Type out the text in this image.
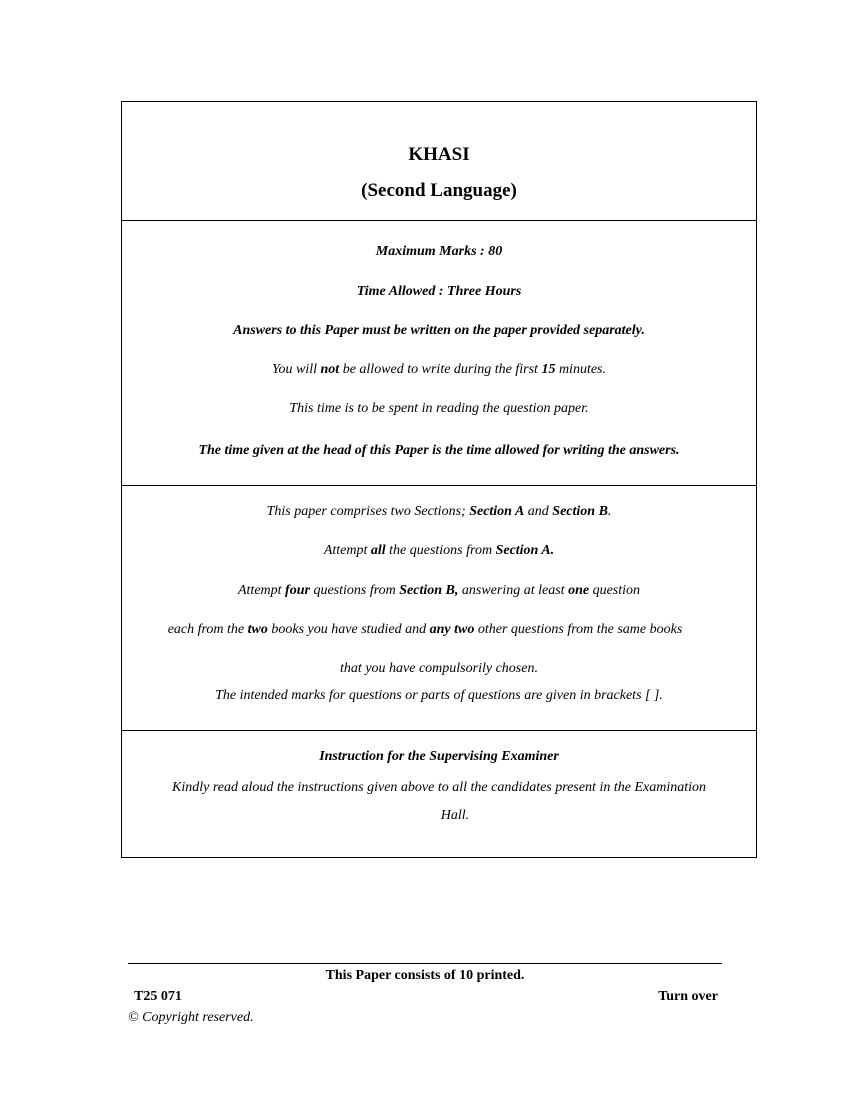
KHASI
(Second Language)
Maximum Marks : 80
Time Allowed : Three Hours
Answers to this Paper must be written on the paper provided separately.
You will not be allowed to write during the first 15 minutes.
This time is to be spent in reading the question paper.
The time given at the head of this Paper is the time allowed for writing the answers.
This paper comprises two Sections; Section A and Section B.
Attempt all the questions from Section A.
Attempt four questions from Section B, answering at least one question
each from the two books you have studied and any two other questions from the same books
that you have compulsorily chosen.
The intended marks for questions or parts of questions are given in brackets [ ].
Instruction for the Supervising Examiner
Kindly read aloud the instructions given above to all the candidates present in the Examination
Hall.
This Paper consists of 10 printed.
T25 071	Turn over
© Copyright reserved.
